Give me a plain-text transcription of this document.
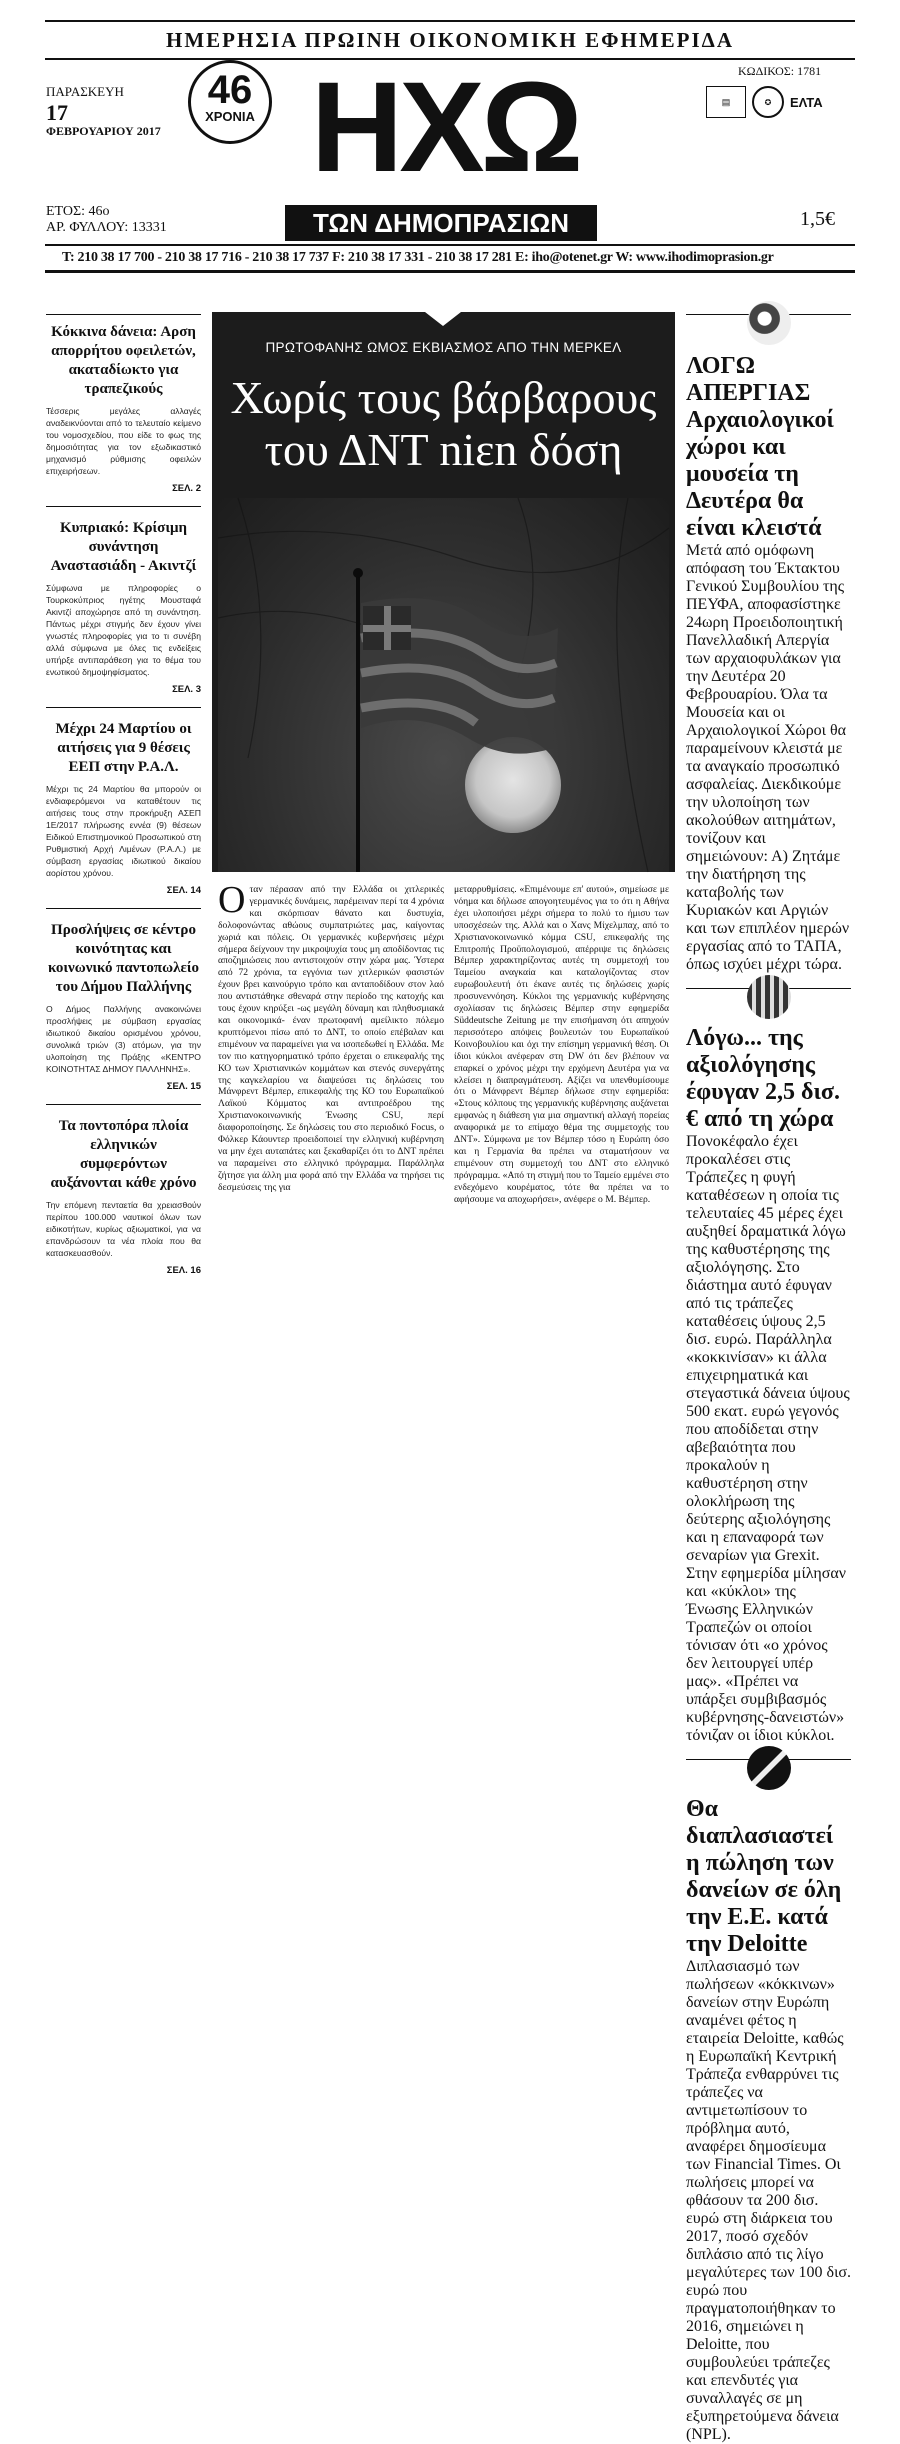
ΗΜΕΡΗΣΙΑ ΠΡΩΙΝΗ ΟΙΚΟΝΟΜΙΚΗ ΕΦΗΜΕΡΙΔΑ
ΠΑΡΑΣΚΕΥΗ
17
ΦΕΒΡΟΥΑΡΙΟΥ 2017
46
ΧΡΟΝΙΑ ΗΧΩ
ΤΩΝ ΔΗΜΟΠΡΑΣΙΩΝ
ΚΩΔΙΚΟΣ: 1781
▤	✪	ΕΛΤΑ
ΕΤΟΣ: 46ο
ΑΡ. ΦΥΛΛΟΥ: 13331	1,5€
T: 210 38 17 700 - 210 38 17 716 - 210 38 17 737 F: 210 38 17 331 - 210 38 17 281 E: iho@otenet.gr W: www.ihodimoprasion.gr
Κόκκινα δάνεια: Αρση απορρήτου οφειλετών, ακαταδίωκτο για τραπεζικούς

Τέσσερις μεγάλες αλλαγές αναδεικνύονται από το τελευταίο κείμενο του νομοσχεδίου, που είδε το φως της δημοσιότητας για τον εξωδικαστικό μηχανισμό ρύθμισης οφειλών επιχειρήσεων.

ΣΕΛ. 2
Κυπριακό: Κρίσιμη συνάντηση Αναστασιάδη - Ακιντζί

Σύμφωνα με πληροφορίες ο Τουρκοκύπριος ηγέτης Μουσταφά Ακιντζί αποχώρησε από τη συνάντηση. Πάντως μέχρι στιγμής δεν έχουν γίνει γνωστές πληροφορίες για το τι συνέβη αλλά σύμφωνα με όλες τις ενδείξεις υπήρξε αντιπαράθεση για το θέμα του ενωτικού δημοψηφίσματος.

ΣΕΛ. 3
Μέχρι 24 Μαρτίου οι αιτήσεις για 9 θέσεις ΕΕΠ στην Ρ.Α.Λ.

Μέχρι τις 24 Μαρτίου θα μπορούν οι ενδιαφερόμενοι να καταθέτουν τις αιτήσεις τους στην προκήρυξη ΑΣΕΠ 1Ε/2017 πλήρωσης εννέα (9) θέσεων Ειδικού Επιστημονικού Προσωπικού στη Ρυθμιστική Αρχή Λιμένων (Ρ.Α.Λ.) με σύμβαση εργασίας ιδιωτικού δικαίου αορίστου χρόνου.

ΣΕΛ. 14
Προσλήψεις σε κέντρο κοινότητας και κοινωνικό παντοπωλείο του Δήμου Παλλήνης

Ο Δήμος Παλλήνης ανακοινώνει προσλήψεις με σύμβαση εργασίας ιδιωτικού δικαίου ορισμένου χρόνου, συνολικά τριών (3) ατόμων, για την υλοποίηση της Πράξης «ΚΕΝΤΡΟ ΚΟΙΝΟΤΗΤΑΣ ΔΗΜΟΥ ΠΑΛΛΗΝΗΣ».

ΣΕΛ. 15
Τα ποντοπόρα πλοία ελληνικών συμφερόντων αυξάνονται κάθε χρόνο

Την επόμενη πενταετία θα χρειασθούν περίπου 100.000 ναυτικοί όλων των ειδικοτήτων, κυρίως αξιωματικοί, για να επανδρώσουν τα νέα πλοία που θα κατασκευασθούν.

ΣΕΛ. 16
ΠΡΩΤΟΦΑΝΗΣ ΩΜΟΣ ΕΚΒΙΑΣΜΟΣ ΑΠΟ ΤΗΝ ΜΕΡΚΕΛ
Χωρίς τους βάρβαρους
του ΔΝΤ niεn δόση
Οταν πέρασαν από την Ελλάδα οι χιτλερικές γερμανικές δυνάμεις, παρέμειναν περί τα 4 χρόνια και σκόρπισαν θάνατο και δυστυχία, δολοφονώντας αθώους συμπατριώτες μας, καίγοντας χωριά και πόλεις. Οι γερμανικές κυβερνήσεις μέχρι σήμερα δείχνουν την μικροψυχία τους μη αποδίδοντας τις αποζημιώσεις που αντιστοιχούν στην χώρα μας. Ύστερα από 72 χρόνια, τα εγγόνια των χιτλερικών φασιστών έχουν βρει καινούργιο τρόπο και ανταποδίδουν στον λαό που αντιστάθηκε σθεναρά στην περίοδο της κατοχής και τους έχουν κηρύξει -ως μεγάλη δύναμη και πληθυσμιακά και οικονομικά- έναν πρωτοφανή αμείλικτο πόλεμο κρυπτόμενοι πίσω από το ΔΝΤ, το οποίο επέβαλαν και επιμένουν να παραμείνει για να ισοπεδωθεί η Ελλάδα. Με τον πιο κατηγορηματικό τρόπο έρχεται ο επικεφαλής της ΚΟ των Χριστιανικών κομμάτων και στενός συνεργάτης της καγκελαρίου να διαψεύσει τις δηλώσεις του Μάνφρεντ Βέμπερ, επικεφαλής της ΚΟ του Ευρωπαϊκού Λαϊκού Κόμματος και αντιπροέδρου της Χριστιανοκοινωνικής Ένωσης CSU, περί διαφοροποίησης. Σε δηλώσεις του στο περιοδικό Focus, ο Φόλκερ Κάουντερ προειδοποιεί την ελληνική κυβέρνηση να μην έχει αυταπάτες και ξεκαθαρίζει ότι το ΔΝΤ πρέπει να παραμείνει στο ελληνικό πρόγραμμα. Παράλληλα ζήτησε για άλλη μια φορά από την Ελλάδα να τηρήσει τις δεσμεύσεις της για
μεταρρυθμίσεις. «Επιμένουμε επ' αυτού», σημείωσε με νόημα και δήλωσε απογοητευμένος για το ότι η Αθήνα έχει υλοποιήσει μέχρι σήμερα το πολύ το ήμισυ των υποσχέσεών της. Αλλά και ο Χανς Μίχελμπαχ, από το Χριστιανοκοινωνικό κόμμα CSU, επικεφαλής της Επιτροπής Προϋπολογισμού, απέρριψε τις δηλώσεις Βέμπερ χαρακτηρίζοντας αυτές τη συμμετοχή του Ταμείου αναγκαία και καταλογίζοντας στον ευρωβουλευτή ότι έκανε αυτές τις δηλώσεις χωρίς προσυνεννόηση. Κύκλοι της γερμανικής κυβέρνησης σχολίασαν τις δηλώσεις Βέμπερ στην εφημερίδα Süddeutsche Zeitung με την επισήμανση ότι απηχούν περισσότερο απόψεις βουλευτών του Ευρωπαϊκού Κοινοβουλίου και όχι την επίσημη γερμανική θέση. Οι ίδιοι κύκλοι ανέφεραν στη DW ότι δεν βλέπουν να επαρκεί ο χρόνος μέχρι την ερχόμενη Δευτέρα για να κλείσει η διαπραγμάτευση. Αξίζει να υπενθυμίσουμε ότι ο Μάνφρεντ Βέμπερ δήλωσε στην εφημερίδα: «Στους κόλπους της γερμανικής κυβέρνησης αυξάνεται εμφανώς η διάθεση για μια σημαντική αλλαγή πορείας αναφορικά με το επίμαχο θέμα της συμμετοχής του ΔΝΤ». Σύμφωνα με τον Βέμπερ τόσο η Ευρώπη όσο και η Γερμανία θα πρέπει να σταματήσουν να επιμένουν στη συμμετοχή του ΔΝΤ στο ελληνικό πρόγραμμα. «Από τη στιγμή που το Ταμείο εμμένει στο ενδεχόμενο κουρέματος, τότε θα πρέπει να το αφήσουμε να αποχωρήσει», ανέφερε ο Μ. Βέμπερ.
ΛΟΓΩ ΑΠΕΡΓΙΑΣ Αρχαιολογικοί χώροι και μουσεία τη Δευτέρα θα είναι κλειστά

Μετά από ομόφωνη απόφαση του Έκτακτου Γενικού Συμβουλίου της ΠΕΥΦΑ, αποφασίστηκε 24ωρη Προειδοποιητική Πανελλαδική Απεργία των αρχαιοφυλάκων για την Δευτέρα 20 Φεβρουαρίου. Όλα τα Μουσεία και οι Αρχαιολογικοί Χώροι θα παραμείνουν κλειστά με τα αναγκαίο προσωπικό ασφαλείας. Διεκδικούμε την υλοποίηση των ακολούθων αιτημάτων, τονίζουν και σημειώνουν: Α) Ζητάμε την διατήρηση της καταβολής των Κυριακών και Αργιών και των επιπλέον ημερών εργασίας από το ΤΑΠΑ, όπως ισχύει μέχρι τώρα.

Λόγω... της αξιολόγησης έφυγαν 2,5 δισ. € από τη χώρα

Πονοκέφαλο έχει προκαλέσει στις Τράπεζες η φυγή καταθέσεων η οποία τις τελευταίες 45 μέρες έχει αυξηθεί δραματικά λόγω της καθυστέρησης της αξιολόγησης. Στο διάστημα αυτό έφυγαν από τις τράπεζες καταθέσεις ύψους 2,5 δισ. ευρώ. Παράλληλα «κοκκινίσαν» κι άλλα επιχειρηματικά και στεγαστικά δάνεια ύψους 500 εκατ. ευρώ γεγονός που αποδίδεται στην αβεβαιότητα που προκαλούν η καθυστέρηση στην ολοκλήρωση της δεύτερης αξιολόγησης και η επαναφορά των σεναρίων για Grexit. Στην εφημερίδα μίλησαν και «κύκλοι» της Ένωσης Ελληνικών Τραπεζών οι οποίοι τόνισαν ότι «ο χρόνος δεν λειτουργεί υπέρ μας». «Πρέπει να υπάρξει συμβιβασμός κυβέρνησης-δανειστών» τόνιζαν οι ίδιοι κύκλοι.

Θα διαπλασιαστεί η πώληση των δανείων σε όλη την Ε.Ε. κατά την Deloitte

Διπλασιασμό των πωλήσεων «κόκκινων» δανείων στην Ευρώπη αναμένει φέτος η εταιρεία Deloitte, καθώς η Ευρωπαϊκή Κεντρική Τράπεζα ενθαρρύνει τις τράπεζες να αντιμετωπίσουν το πρόβλημα αυτό, αναφέρει δημοσίευμα των Financial Times. Οι πωλήσεις μπορεί να φθάσουν τα 200 δισ. ευρώ στη διάρκεια του 2017, ποσό σχεδόν διπλάσιο από τις λίγο μεγαλύτερες των 100 δισ. ευρώ που πραγματοποιήθηκαν το 2016, σημειώνει η Deloitte, που συμβουλεύει τράπεζες και επενδυτές για συναλλαγές σε μη εξυπηρετούμενα δάνεια (NPL).
